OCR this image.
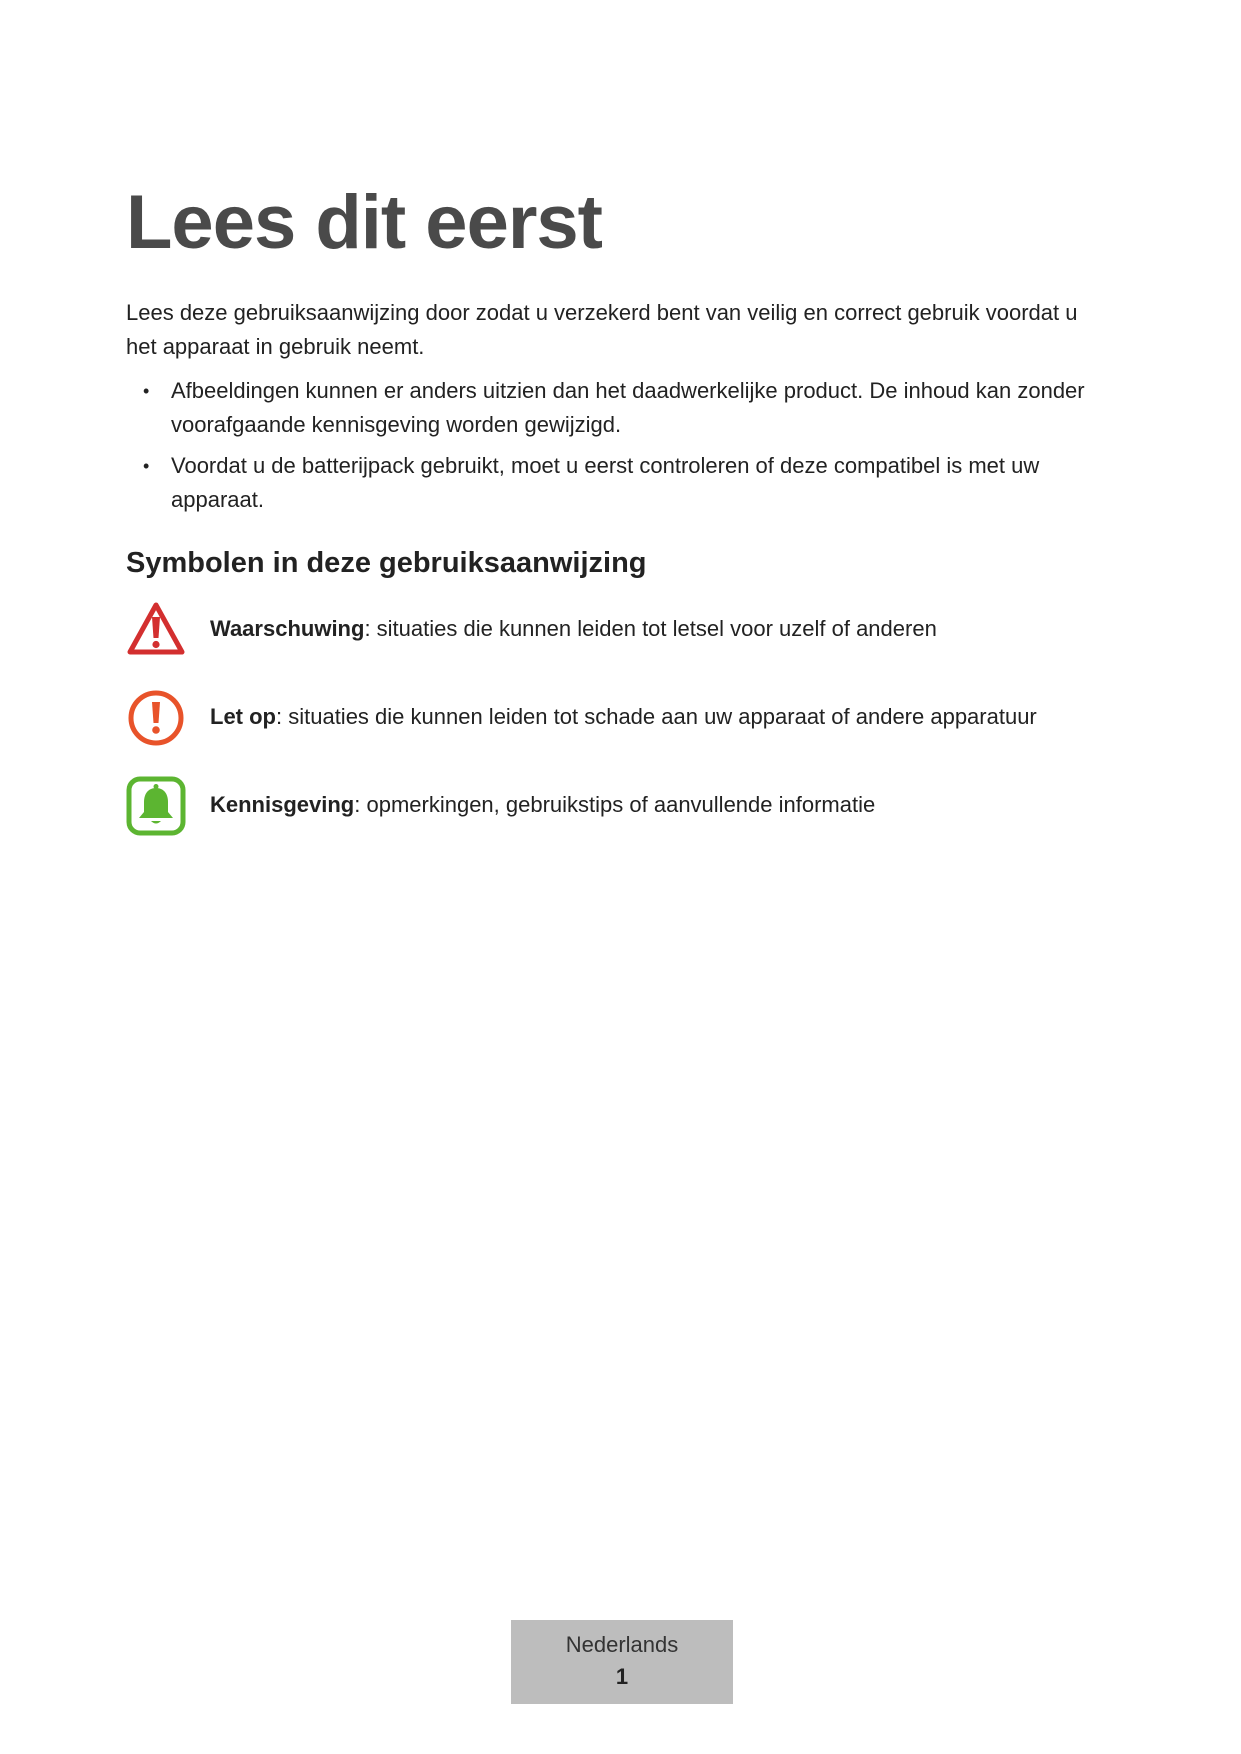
Lees dit eerst

Lees deze gebruiksaanwijzing door zodat u verzekerd bent van veilig en correct gebruik voordat u het apparaat in gebruik neemt.

• Afbeeldingen kunnen er anders uitzien dan het daadwerkelijke product. De inhoud kan zonder voorafgaande kennisgeving worden gewijzigd.
• Voordat u de batterijpack gebruikt, moet u eerst controleren of deze compatibel is met uw apparaat.
Symbolen in deze gebruiksaanwijzing
Waarschuwing: situaties die kunnen leiden tot letsel voor uzelf of anderen
Let op: situaties die kunnen leiden tot schade aan uw apparaat of andere apparatuur
Kennisgeving: opmerkingen, gebruikstips of aanvullende informatie
Nederlands
1
